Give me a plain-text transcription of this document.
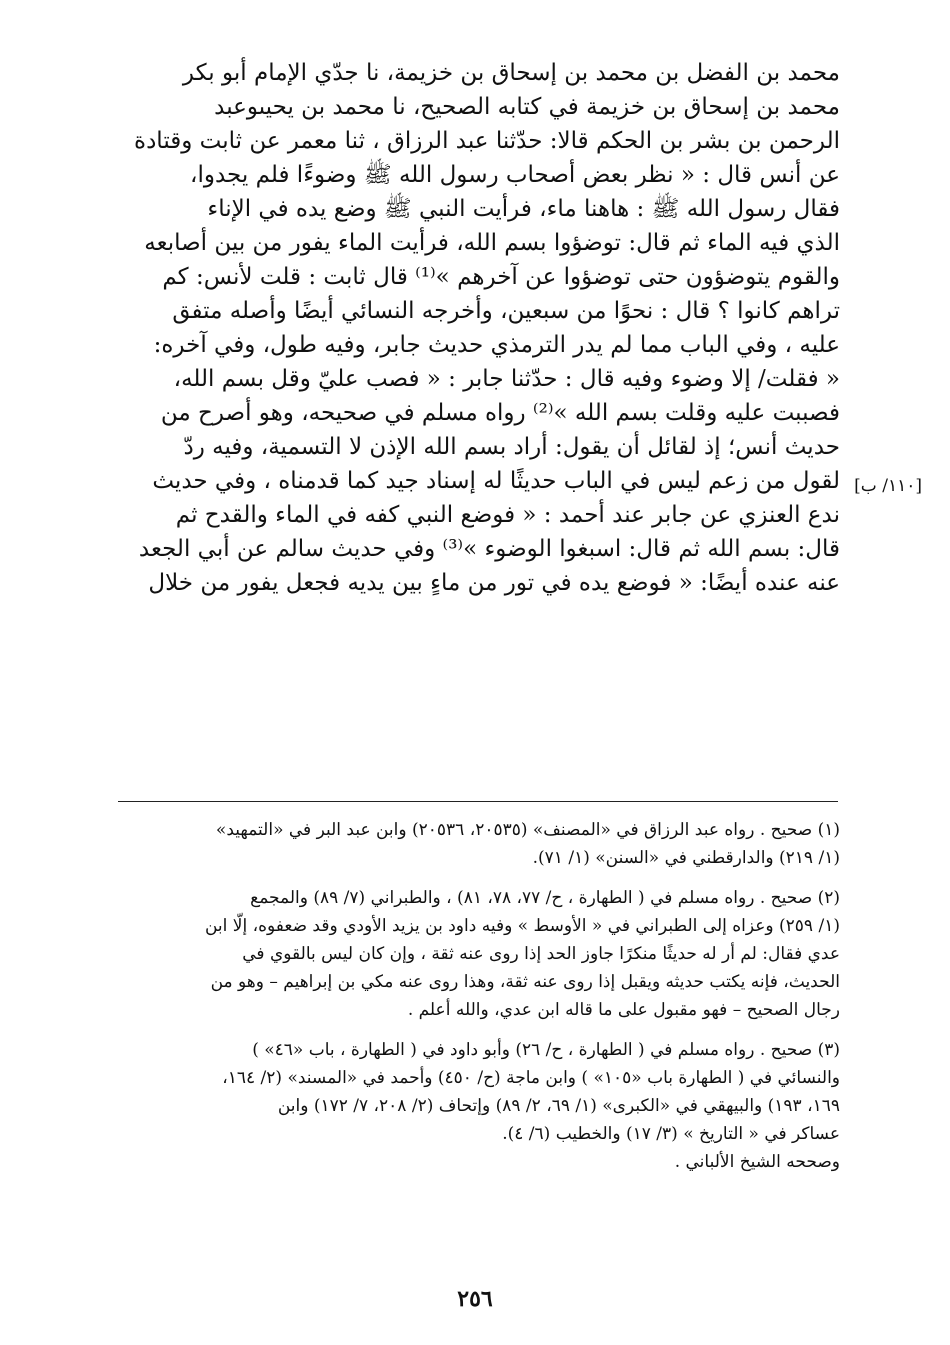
محمد بن الفضل بن محمد بن إسحاق بن خزيمة، نا جدّي الإمام أبو بكر
محمد بن إسحاق بن خزيمة في كتابه الصحيح، نا محمد بن يحيىوعبد
الرحمن بن بشر بن الحكم قالا: حدّثنا عبد الرزاق ، ثنا معمر عن ثابت وقتادة
عن أنس قال : « نظر بعض أصحاب رسول الله ﷺ وضوءًا فلم يجدوا،
فقال رسول الله ﷺ : هاهنا ماء، فرأيت النبي ﷺ وضع يده في الإناء
الذي فيه الماء ثم قال: توضؤوا بسم الله، فرأيت الماء يفور من بين أصابعه
والقوم يتوضؤون حتى توضؤوا عن آخرهم »⁽¹⁾ قال ثابت : قلت لأنس: كم
تراهم كانوا ؟ قال : نحوًا من سبعين، وأخرجه النسائي أيضًا وأصله متفق
عليه ، وفي الباب مما لم يدر الترمذي حديث جابر، وفيه طول، وفي آخره:
« فقلت/ إلا وضوء وفيه قال : حدّثنا جابر : « فصب عليّ وقل بسم الله،
فصببت عليه وقلت بسم الله »⁽²⁾ رواه مسلم في صحيحه، وهو أصرح من
حديث أنس؛ إذ لقائل أن يقول: أراد بسم الله الإذن لا التسمية، وفيه ردّ
لقول من زعم ليس في الباب حديثًا له إسناد جيد كما قدمناه ، وفي حديث
ندع العنزي عن جابر عند أحمد : « فوضع النبي كفه في الماء والقدح ثم
قال: بسم الله ثم قال: اسبغوا الوضوء »⁽³⁾ وفي حديث سالم عن أبي الجعد
عنه عنده أيضًا: « فوضع يده في تور من ماءٍ بين يديه فجعل يفور من خلال
[١١٠/ ب]
(١) صحيح . رواه عبد الرزاق في «المصنف» (٢٠٥٣٥، ٢٠٥٣٦) وابن عبد البر في «التمهيد»
(١/ ٢١٩) والدارقطني في «السنن» (١/ ٧١).
(٢) صحيح . رواه مسلم في ( الطهارة ، ح/ ٧٧، ٧٨، ٨١) ، والطبراني (٧/ ٨٩) والمجمع
(١/ ٢٥٩) وعزاه إلى الطبراني في « الأوسط » وفيه داود بن يزيد الأودي وقد ضعفوه، إلّا ابن
عدي فقال: لم أر له حديثًا منكرًا جاوز الحد إذا روى عنه ثقة ، وإن كان ليس بالقوي في
الحديث، فإنه يكتب حديثه ويقبل إذا روى عنه ثقة، وهذا روى عنه مكي بن إبراهيم – وهو من
رجال الصحيح – فهو مقبول على ما قاله ابن عدي، والله أعلم .
(٣) صحيح . رواه مسلم في ( الطهارة ، ح/ ٢٦) وأبو داود في ( الطهارة ، باب «٤٦» )
والنسائي في ( الطهارة باب «١٠٥» ) وابن ماجة (ح/ ٤٥٠) وأحمد في «المسند» (٢/ ١٦٤،
١٦٩، ١٩٣) والبيهقي في «الكبرى» (١/ ٦٩، ٢/ ٨٩) وإتحاف (٢/ ٢٠٨، ٧/ ١٧٢) وابن
عساكر في « التاريخ » (٣/ ١٧) والخطيب (٦/ ٤).
وصححه الشيخ الألباني .
٢٥٦
